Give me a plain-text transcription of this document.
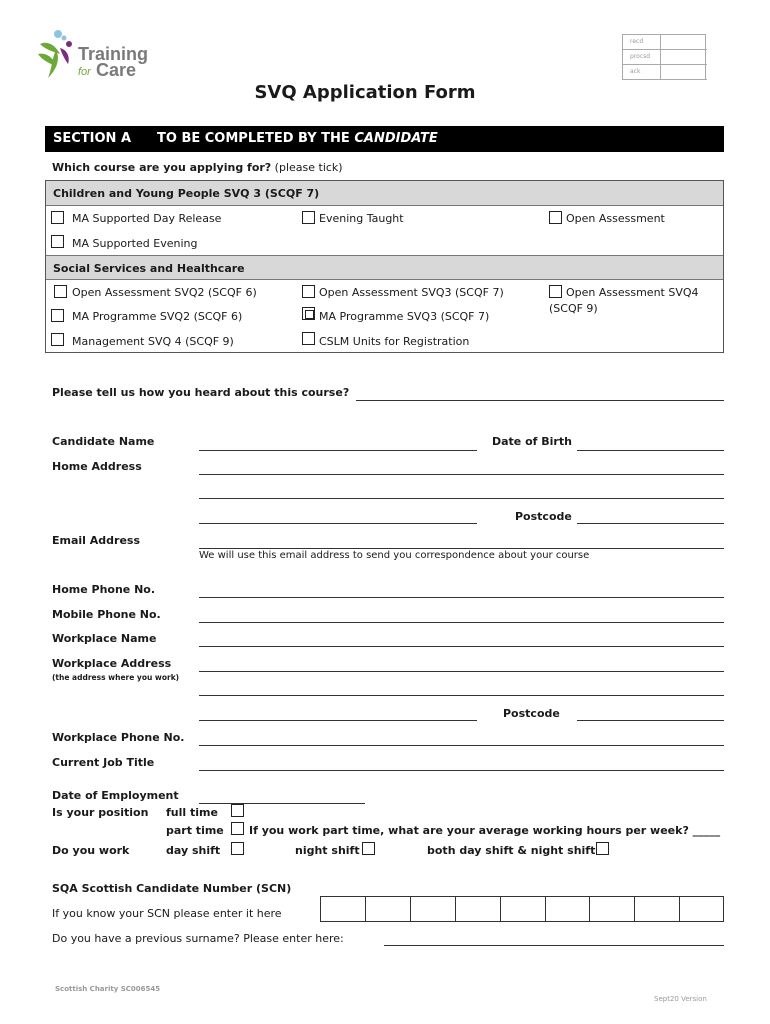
Training
for Care
recd
procsd
ack
SVQ Application Form
SECTION A TO BE COMPLETED BY THE CANDIDATE
Which course are you applying for? (please tick)
Children and Young People SVQ 3 (SCQF 7)
MA Supported Day Release	Evening Taught	Open Assessment
MA Supported Evening
Social Services and Healthcare
Open Assessment SVQ2 (SCQF 6)	Open Assessment SVQ3 (SCQF 7)	Open Assessment SVQ4
(SCQF 9)
MA Programme SVQ2 (SCQF 6)	MA Programme SVQ3 (SCQF 7)
Management SVQ 4 (SCQF 9)	CSLM Units for Registration
Please tell us how you heard about this course?
Candidate Name	Date of Birth
Home Address
Postcode
Email Address
We will use this email address to send you correspondence about your course
Home Phone No.
Mobile Phone No.
Workplace Name
Workplace Address
(the address where you work)
Postcode
Workplace Phone No.
Current Job Title
Date of Employment
Is your position full time
part time If you work part time, what are your average working hours per week? _____
Do you work	day shift	night shift	both day shift & night shift
SQA Scottish Candidate Number (SCN)
If you know your SCN please enter it here
Do you have a previous surname? Please enter here:
Scottish Charity SC006545
Sept20 Version
